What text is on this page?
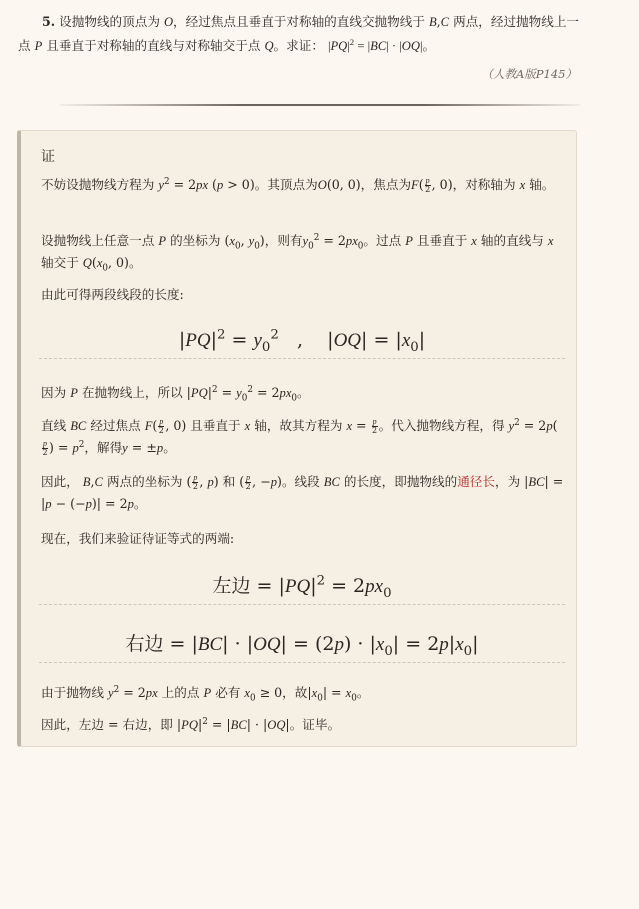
5. 设抛物线的顶点为 O，经过焦点且垂直于对称轴的直线交抛物线于 B,C 两点，经过抛物线上一点 P 且垂直于对称轴的直线与对称轴交于点 Q。求证： $|PQ|^2 = |BC| \cdot |OQ|$。
（人教A版P145）
证
不妨设抛物线方程为 $y^2 = 2px$ (p > 0)。其顶点为O(0, 0)，焦点为$F( \frac{p}{2}$ , 0)，对称轴为 x 轴。
设抛物线上任意一点 P 的坐标为 ($x_0$, $y_0$)，则有$y_0^2 = 2px_0$。过点 P 且垂直于 x 轴的直线与 x 轴交于 $Q(x_0$, 0)。
由此可得两段线段的长度:
$|PQ|^2 = y_0^2$   ,    $|OQ| = |x_0|$
因为 P 在抛物线上，所以 $|PQ|^2 = y_0^2 = 2px_0$。
直线 BC 经过焦点 $F( \frac{p}{2}$ , 0) 且垂直于 x 轴，故其方程为 $x = \frac{p}{2}$ 。代入抛物线方程，得 $y^2 = 2p$(
$\frac{p}{2}$ ) = $p^2$，解得y = ±p。
因此， B,C 两点的坐标为 ( $\frac{p}{2}$ , p) 和 ( $\frac{p}{2}$ , −p)。线段 BC 的长度，即抛物线的通径长，为 |BC| = |p − (−p)| = 2p。
现在，我们来验证待证等式的两端:
左边 = $|PQ|^2 = 2px_0$
右边 = $|BC| \cdot |OQ| = (2p) \cdot |x_0| = 2p|x_0|$
由于抛物线 $y^2 = 2px$ 上的点 P 必有 $x_0 \ge 0$，故$|x_0| = x_0$。
因此，左边 = 右边，即 $|PQ|^2 = |BC| \cdot |OQ|$。证毕。
